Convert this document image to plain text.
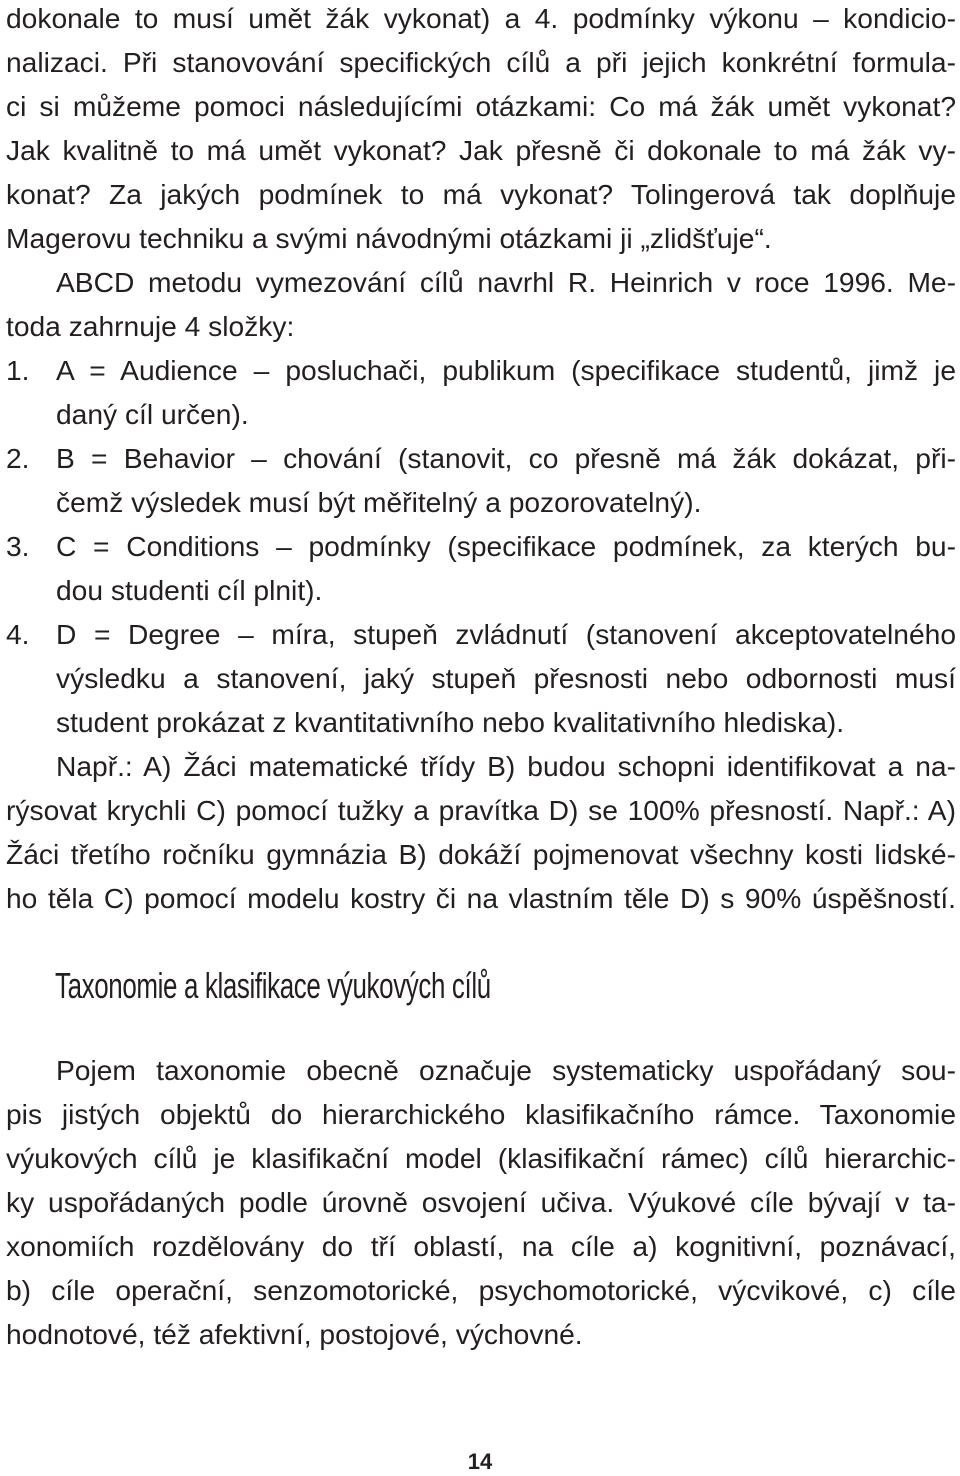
dokonale to musí umět žák vykonat) a 4. podmínky výkonu – kondicio-
nalizaci. Při stanovování specifických cílů a při jejich konkrétní formula-
ci si můžeme pomoci následujícími otázkami: Co má žák umět vykonat?
Jak kvalitně to má umět vykonat? Jak přesně či dokonale to má žák vy-
konat? Za jakých podmínek to má vykonat? Tolingerová tak doplňuje
Magerovu techniku a svými návodnými otázkami ji „zlidšťuje“.
ABCD metodu vymezování cílů navrhl R. Heinrich v roce 1996. Me-
toda zahrnuje 4 složky:
1. A = Audience – posluchači, publikum (specifikace studentů, jimž je
daný cíl určen).
2. B = Behavior – chování (stanovit, co přesně má žák dokázat, při-
čemž výsledek musí být měřitelný a pozorovatelný).
3. C = Conditions – podmínky (specifikace podmínek, za kterých bu-
dou studenti cíl plnit).
4. D = Degree – míra, stupeň zvládnutí (stanovení akceptovatelného
výsledku a stanovení, jaký stupeň přesnosti nebo odbornosti musí
student prokázat z kvantitativního nebo kvalitativního hlediska).
Např.: A) Žáci matematické třídy B) budou schopni identifikovat a na-
rýsovat krychli C) pomocí tužky a pravítka D) se 100% přesností. Např.: A)
Žáci třetího ročníku gymnázia B) dokáží pojmenovat všechny kosti lidské-
ho těla C) pomocí modelu kostry či na vlastním těle D) s 90% úspěšností.
Taxonomie a klasifikace výukových cílů
Pojem taxonomie obecně označuje systematicky uspořádaný sou-
pis jistých objektů do hierarchického klasifikačního rámce. Taxonomie
výukových cílů je klasifikační model (klasifikační rámec) cílů hierarchic-
ky uspořádaných podle úrovně osvojení učiva. Výukové cíle bývají v ta-
xonomiích rozdělovány do tří oblastí, na cíle a) kognitivní, poznávací,
b) cíle operační, senzomotorické, psychomotorické, výcvikové, c) cíle
hodnotové, též afektivní, postojové, výchovné.
14
